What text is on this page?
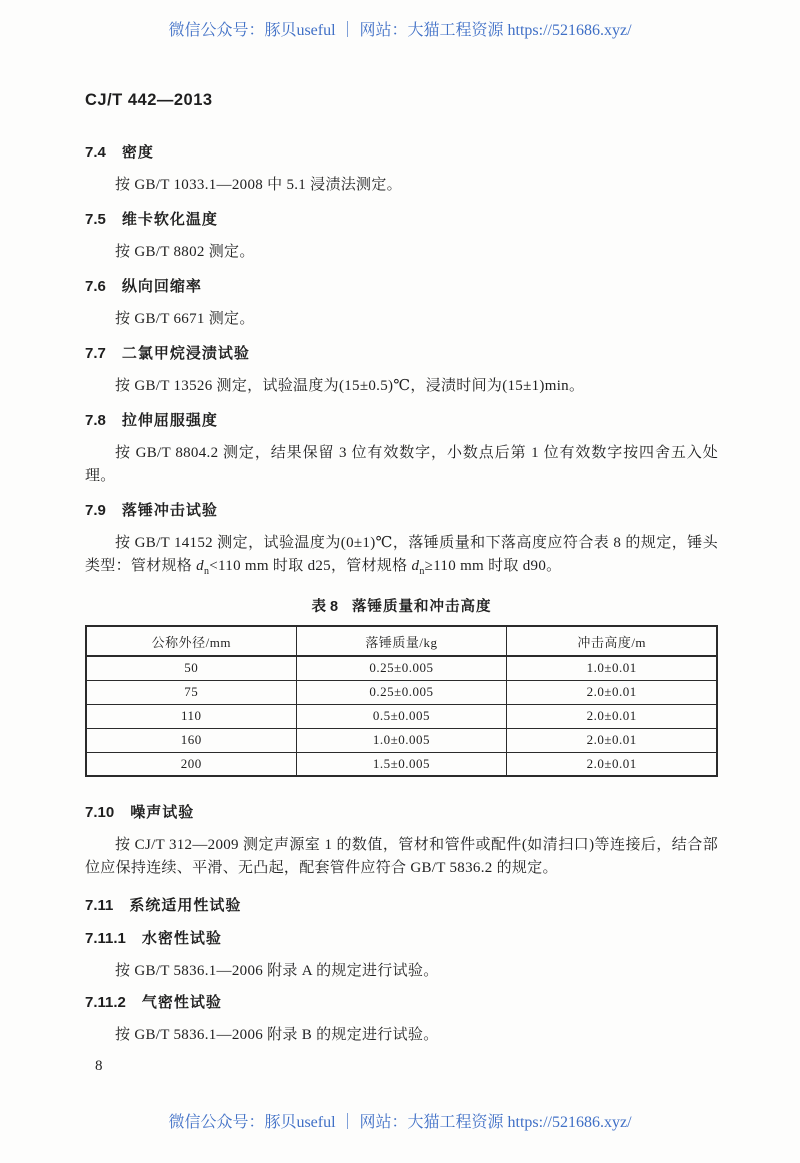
微信公众号：豚贝useful ｜ 网站：大猫工程资源 https://521686.xyz/
CJ/T 442—2013
7.4 密度

按 GB/T 1033.1—2008 中 5.1 浸渍法测定。

7.5 维卡软化温度

按 GB/T 8802 测定。

7.6 纵向回缩率

按 GB/T 6671 测定。

7.7 二氯甲烷浸渍试验

按 GB/T 13526 测定，试验温度为(15±0.5)℃，浸渍时间为(15±1)min。

7.8 拉伸屈服强度

按 GB/T 8804.2 测定，结果保留 3 位有效数字，小数点后第 1 位有效数字按四舍五入处理。

7.9 落锤冲击试验

按 GB/T 14152 测定，试验温度为(0±1)℃，落锤质量和下落高度应符合表 8 的规定，锤头类型：管材规格 $d_n<110$ mm 时取 d25，管材规格 $d_n\ge 110$ mm 时取 d90。

表 8 落锤质量和冲击高度
公称外径/mm	落锤质量/kg	冲击高度/m
50	0.25±0.005	1.0±0.01
75	0.25±0.005	2.0±0.01
110	0.5±0.005	2.0±0.01
160	1.0±0.005	2.0±0.01
200	1.5±0.005	2.0±0.01
7.10 噪声试验

按 CJ/T 312—2009 测定声源室 1 的数值，管材和管件或配件(如清扫口)等连接后，结合部位应保持连续、平滑、无凸起，配套管件应符合 GB/T 5836.2 的规定。

7.11 系统适用性试验
7.11.1 水密性试验

按 GB/T 5836.1—2006 附录 A 的规定进行试验。

7.11.2 气密性试验

按 GB/T 5836.1—2006 附录 B 的规定进行试验。

8
微信公众号：豚贝useful ｜ 网站：大猫工程资源 https://521686.xyz/
